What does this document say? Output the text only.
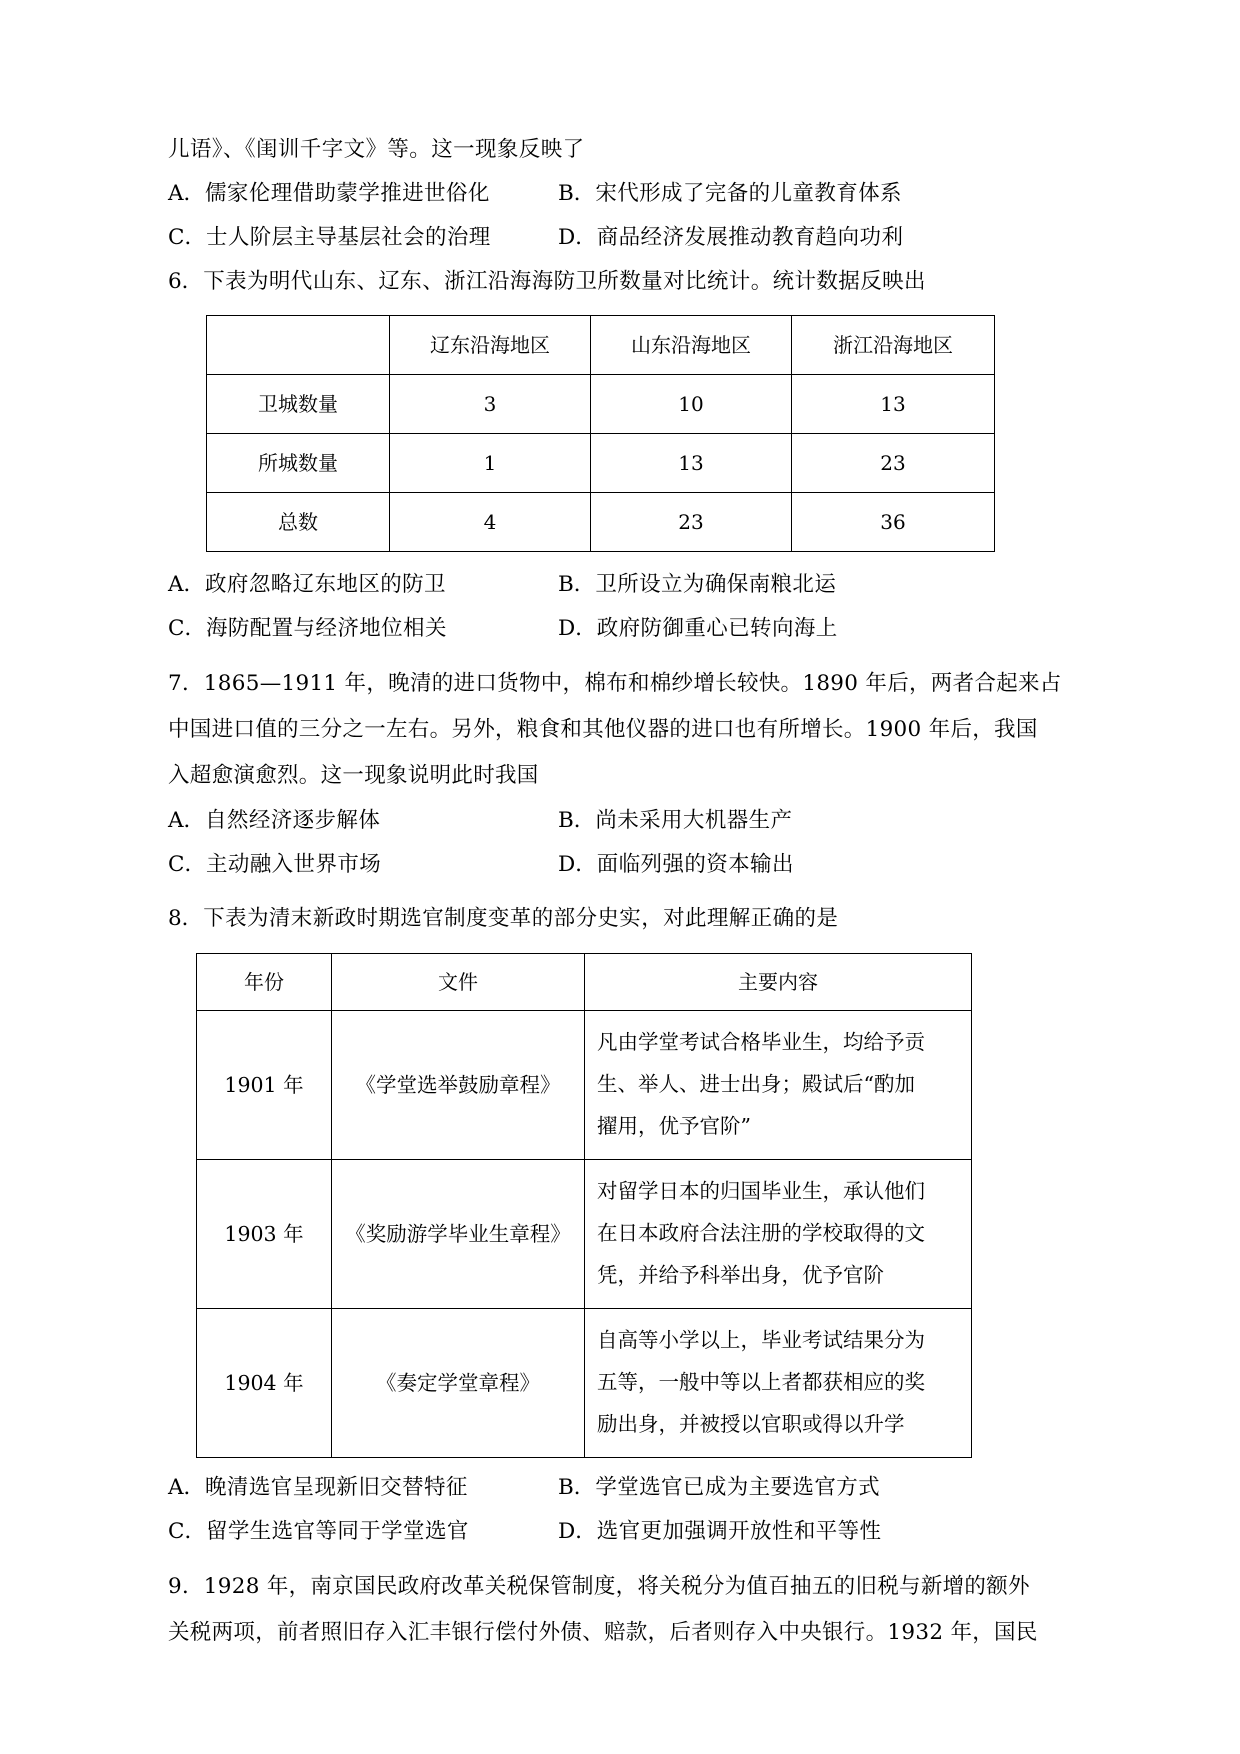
儿语》、《闺训千字文》等。这一现象反映了
A．儒家伦理借助蒙学推进世俗化	B．宋代形成了完备的儿童教育体系
C．士人阶层主导基层社会的治理	D．商品经济发展推动教育趋向功利
6．下表为明代山东、辽东、浙江沿海海防卫所数量对比统计。统计数据反映出
	辽东沿海地区	山东沿海地区	浙江沿海地区
卫城数量	3	10	13
所城数量	1	13	23
总数	4	23	36
A．政府忽略辽东地区的防卫	B．卫所设立为确保南粮北运
C．海防配置与经济地位相关	D．政府防御重心已转向海上
7．1865—1911 年，晚清的进口货物中，棉布和棉纱增长较快。1890 年后，两者合起来占
中国进口值的三分之一左右。另外，粮食和其他仪器的进口也有所增长。1900 年后，我国
入超愈演愈烈。这一现象说明此时我国
A．自然经济逐步解体	B．尚未采用大机器生产
C．主动融入世界市场	D．面临列强的资本输出
8．下表为清末新政时期选官制度变革的部分史实，对此理解正确的是
年份	文件	主要内容
1901 年	《学堂选举鼓励章程》	凡由学堂考试合格毕业生，均给予贡
生、举人、进士出身；殿试后“酌加
擢用，优予官阶”

1903 年	《奖励游学毕业生章程》	对留学日本的归国毕业生，承认他们
在日本政府合法注册的学校取得的文
凭，并给予科举出身，优予官阶

1904 年	《奏定学堂章程》	自高等小学以上，毕业考试结果分为
五等，一般中等以上者都获相应的奖
励出身，并被授以官职或得以升学
A．晚清选官呈现新旧交替特征	B．学堂选官已成为主要选官方式
C．留学生选官等同于学堂选官	D．选官更加强调开放性和平等性
9．1928 年，南京国民政府改革关税保管制度，将关税分为值百抽五的旧税与新增的额外
关税两项，前者照旧存入汇丰银行偿付外债、赔款，后者则存入中央银行。1932 年，国民
